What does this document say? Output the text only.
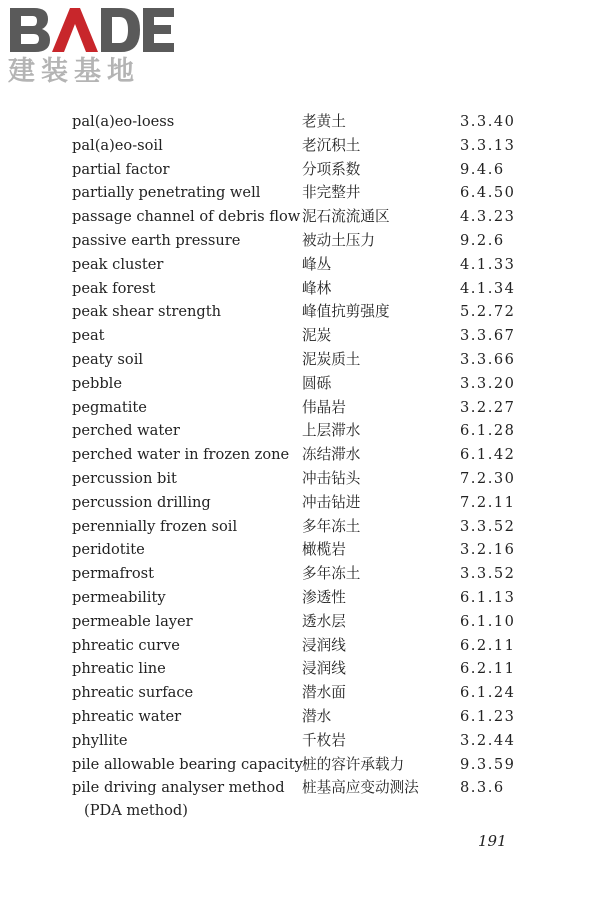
建装基地
pal(a)eo-loess	老黄土	3.3.40
pal(a)eo-soil	老沉积土	3.3.13
partial factor	分项系数	9.4.6
partially penetrating well	非完整井	6.4.50
passage channel of debris flow 泥石流流通区	4.3.23
passive earth pressure	被动土压力	9.2.6
peak cluster	峰丛	4.1.33
peak forest	峰林	4.1.34
peak shear strength	峰值抗剪强度	5.2.72
peat	泥炭	3.3.67
peaty soil	泥炭质土	3.3.66
pebble	圆砾	3.3.20
pegmatite	伟晶岩	3.2.27
perched water	上层滞水	6.1.28
perched water in frozen zone 冻结滞水	6.1.42
percussion bit	冲击钻头	7.2.30
percussion drilling	冲击钻进	7.2.11
perennially frozen soil	多年冻土	3.3.52
peridotite	橄榄岩	3.2.16
permafrost	多年冻土	3.3.52
permeability	渗透性	6.1.13
permeable layer	透水层	6.1.10
phreatic curve	浸润线	6.2.11
phreatic line	浸润线	6.2.11
phreatic surface	潜水面	6.1.24
phreatic water	潜水	6.1.23
phyllite	千枚岩	3.2.44
pile allowable bearing capacity 桩的容许承载力	9.3.59
pile driving analyser method 桩基高应变动测法	8.3.6
(PDA method)
191
